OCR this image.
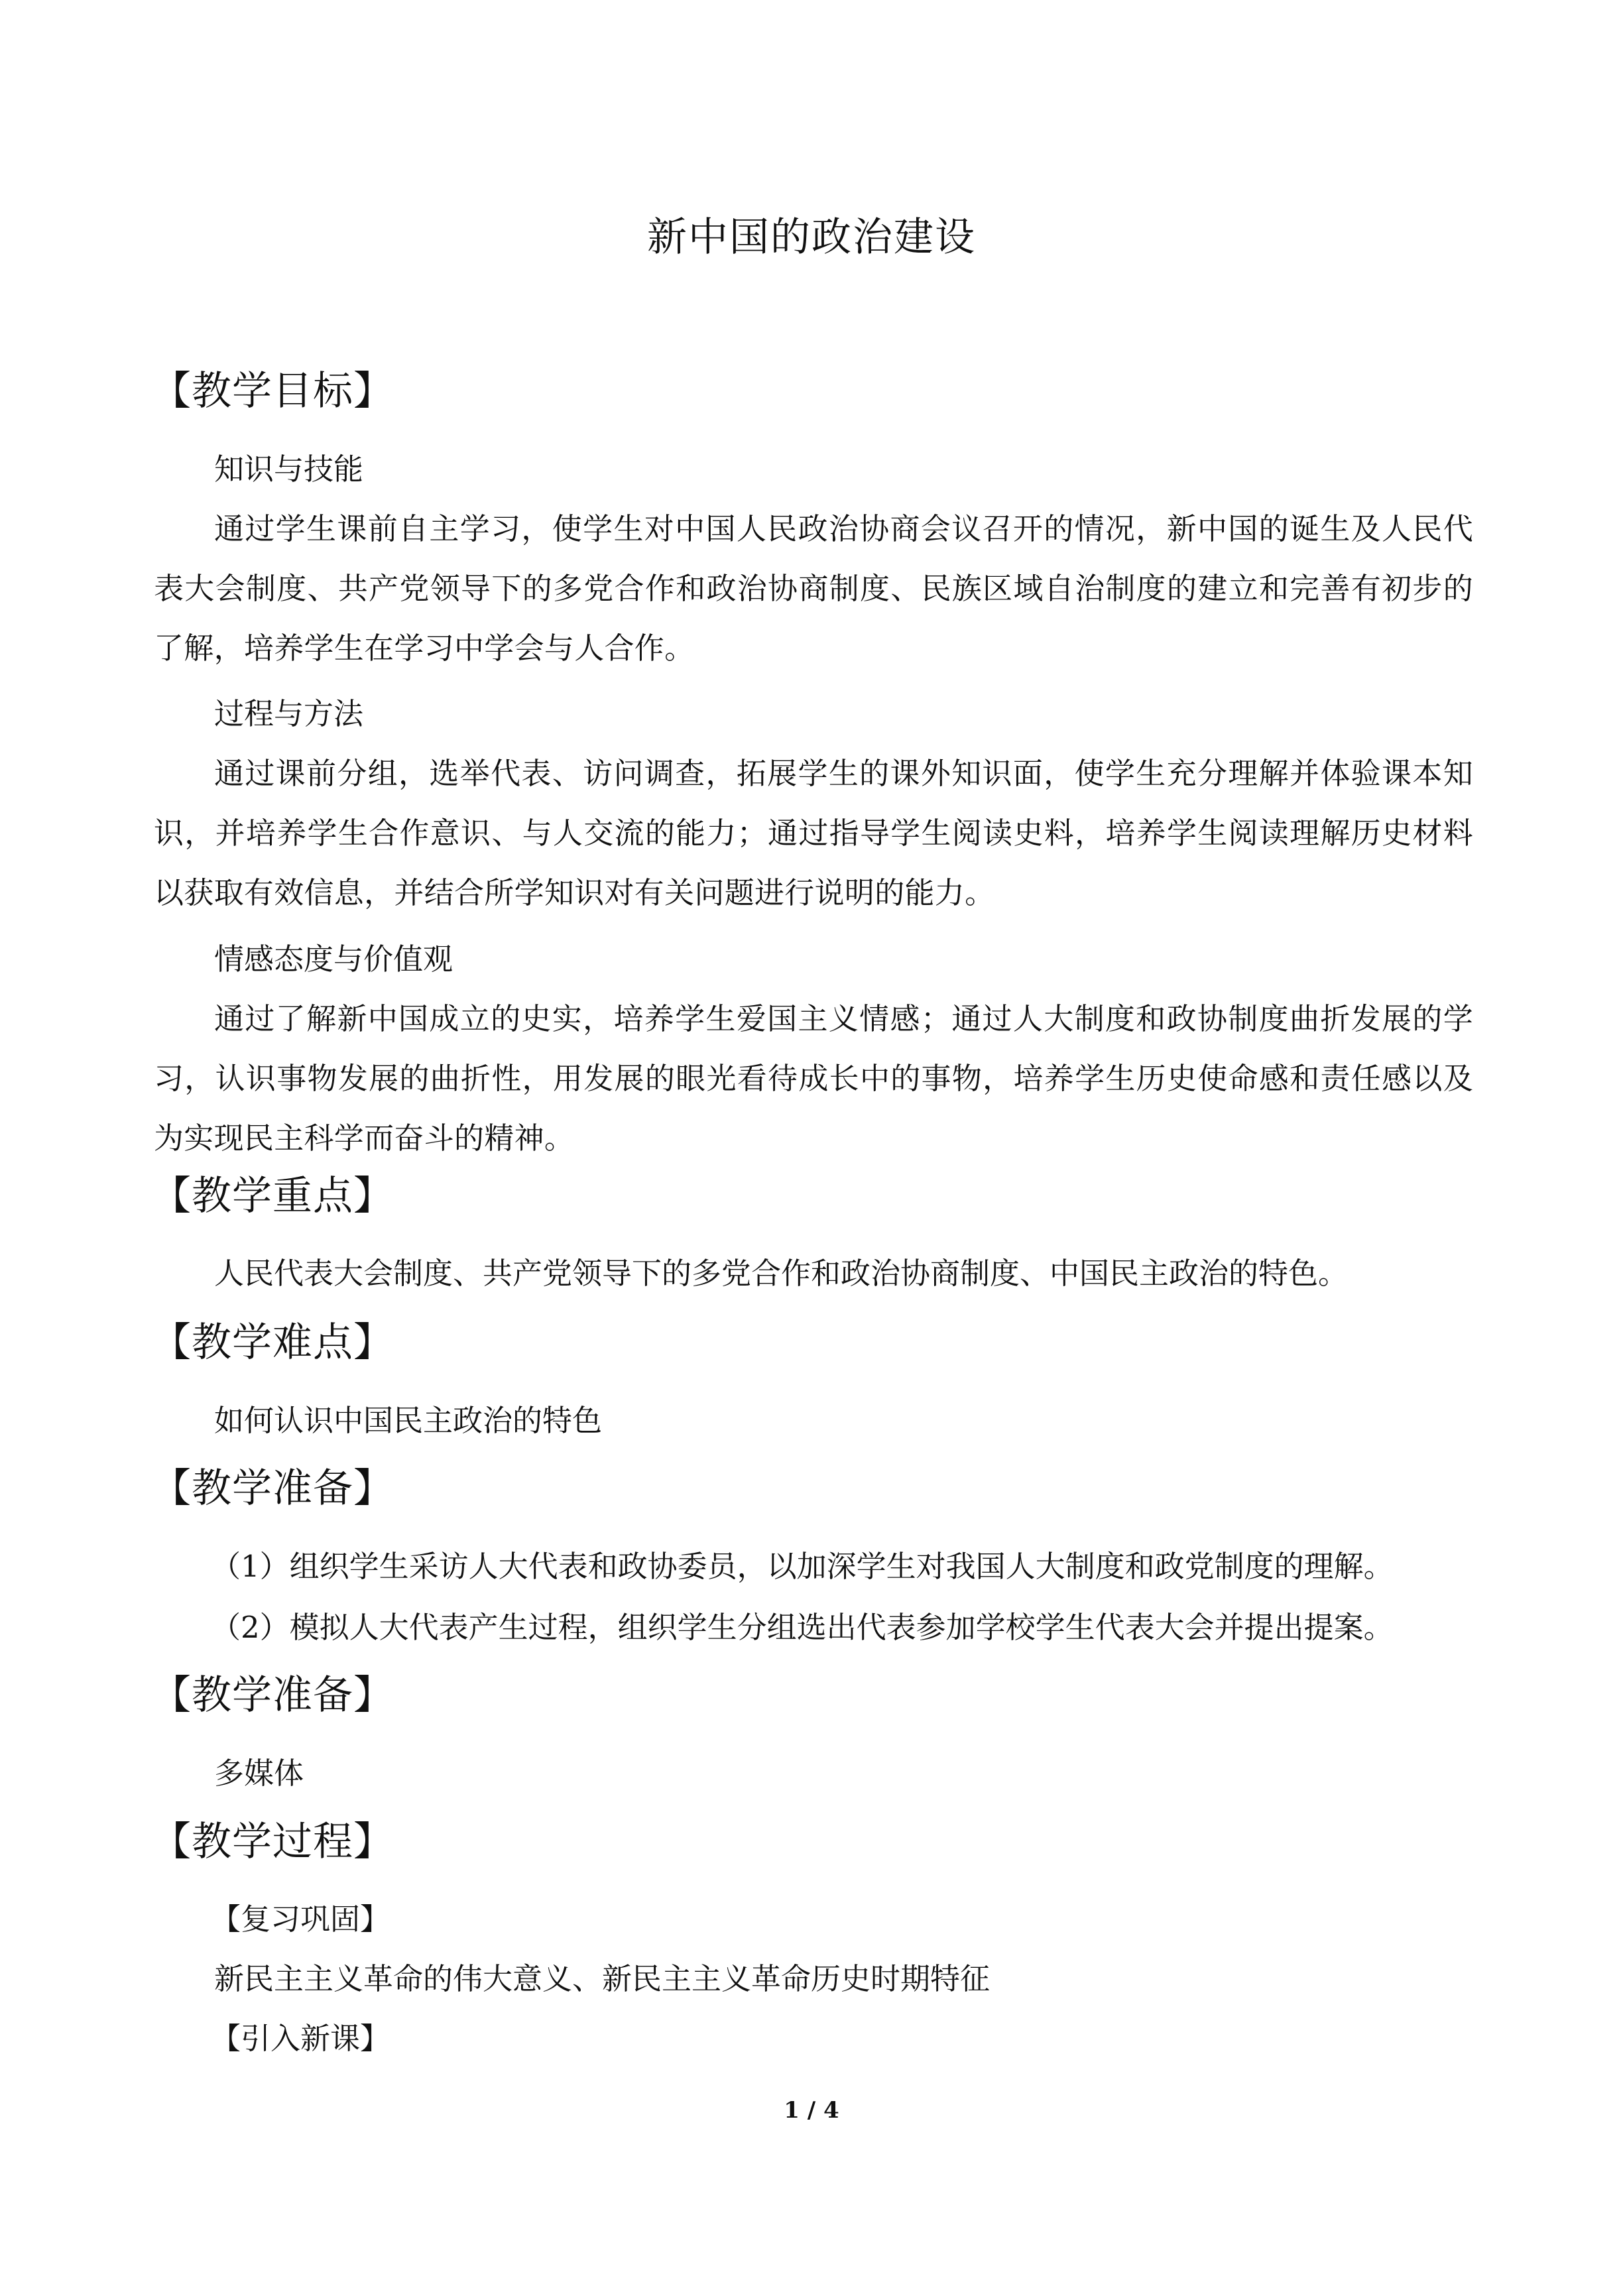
新中国的政治建设
【教学目标】
知识与技能
通过学生课前自主学习，使学生对中国人民政治协商会议召开的情况，新中国的诞生及人民代表大会制度、共产党领导下的多党合作和政治协商制度、民族区域自治制度的建立和完善有初步的了解，培养学生在学习中学会与人合作。
过程与方法
通过课前分组，选举代表、访问调查，拓展学生的课外知识面，使学生充分理解并体验课本知识，并培养学生合作意识、与人交流的能力；通过指导学生阅读史料，培养学生阅读理解历史材料以获取有效信息，并结合所学知识对有关问题进行说明的能力。
情感态度与价值观
通过了解新中国成立的史实，培养学生爱国主义情感；通过人大制度和政协制度曲折发展的学习，认识事物发展的曲折性，用发展的眼光看待成长中的事物，培养学生历史使命感和责任感以及为实现民主科学而奋斗的精神。
【教学重点】
人民代表大会制度、共产党领导下的多党合作和政治协商制度、中国民主政治的特色。
【教学难点】
如何认识中国民主政治的特色
【教学准备】
（1）组织学生采访人大代表和政协委员，以加深学生对我国人大制度和政党制度的理解。
（2）模拟人大代表产生过程，组织学生分组选出代表参加学校学生代表大会并提出提案。
【教学准备】
多媒体
【教学过程】
【复习巩固】
新民主主义革命的伟大意义、新民主主义革命历史时期特征
【引入新课】
1 / 4
